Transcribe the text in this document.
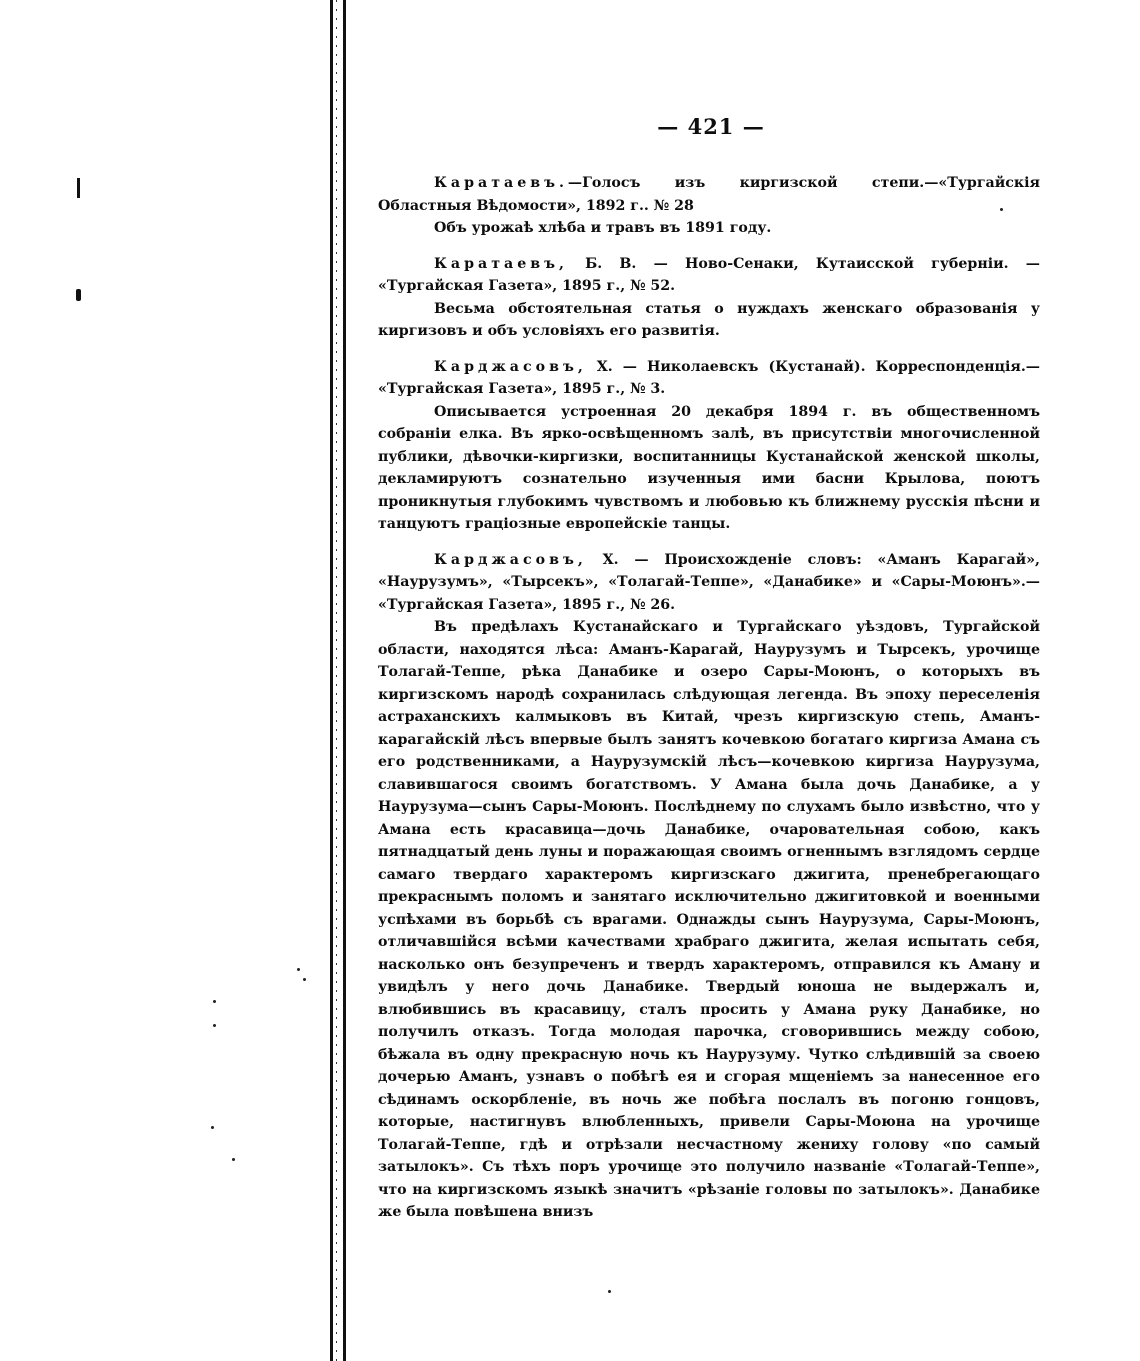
— 421 —

Каратаевъ.—Голосъ изъ киргизской степи.—«Тургайскія Областныя Вѣдомости», 1892 г.. № 28

Объ урожаѣ хлѣба и травъ въ 1891 году.

Каратаевъ, Б. В. — Ново-Сенаки, Кутаисской губерніи. — «Тургайская Газета», 1895 г., № 52.

Весьма обстоятельная статья о нуждахъ женскаго образованія у киргизовъ и объ условіяхъ его развитія.

Карджасовъ, X. — Николаевскъ (Кустанай). Корреспонденція.— «Тургайская Газета», 1895 г., № 3.

Описывается устроенная 20 декабря 1894 г. въ общественномъ собраніи елка. Въ ярко-освѣщенномъ залѣ, въ присутствіи многочисленной публики, дѣвочки-киргизки, воспитанницы Кустанайской женской школы, декламируютъ сознательно изученныя ими басни Крылова, поютъ проникнутыя глубокимъ чувствомъ и любовью къ ближнему русскія пѣсни и танцуютъ граціозные европейскіе танцы.

Карджасовъ, X. — Происхожденіе словъ: «Аманъ Карагай», «Наурузумъ», «Тырсекъ», «Толагай-Теппе», «Данабике» и «Сары-Моюнъ».— «Тургайская Газета», 1895 г., № 26.

Въ предѣлахъ Кустанайскаго и Тургайскаго уѣздовъ, Тургайской области, находятся лѣса: Аманъ-Карагай, Наурузумъ и Тырсекъ, урочище Толагай-Теппе, рѣка Данабике и озеро Сары-Моюнъ, о которыхъ въ киргизскомъ народѣ сохранилась слѣдующая легенда. Въ эпоху переселенія астраханскихъ калмыковъ въ Китай, чрезъ киргизскую степь, Аманъ-карагайскій лѣсъ впервые былъ занятъ кочевкою богатаго киргиза Амана съ его родственниками, а Наурузумскій лѣсъ—кочевкою киргиза Наурузума, славившагося своимъ богатствомъ. У Амана была дочь Данабике, а у Наурузума—сынъ Сары-Моюнъ. Послѣднему по слухамъ было извѣстно, что у Амана есть красавица—дочь Данабике, очаровательная собою, какъ пятнадцатый день луны и поражающая своимъ огненнымъ взглядомъ сердце самаго твердаго характеромъ киргизскаго джигита, пренебрегающаго прекраснымъ поломъ и занятаго исключительно джигитовкой и военными успѣхами въ борьбѣ съ врагами. Однажды сынъ Наурузума, Сары-Моюнъ, отличавшійся всѣми качествами храбраго джигита, желая испытать себя, насколько онъ безупреченъ и твердъ характеромъ, отправился къ Аману и увидѣлъ у него дочь Данабике. Твердый юноша не выдержалъ и, влюбившись въ красавицу, сталъ просить у Амана руку Данабике, но получилъ отказъ. Тогда молодая парочка, сговорившись между собою, бѣжала въ одну прекрасную ночь къ Наурузуму. Чутко слѣдившій за своею дочерью Аманъ, узнавъ о побѣгѣ ея и сгорая мщеніемъ за нанесенное его сѣдинамъ оскорбленіе, въ ночь же побѣга послалъ въ погоню гонцовъ, которые, настигнувъ влюбленныхъ, привели Сары-Моюна на урочище Толагай-Теппе, гдѣ и отрѣзали несчастному жениху голову «по самый затылокъ». Съ тѣхъ поръ урочище это получило названіе «Толагай-Теппе», что на киргизскомъ языкѣ значитъ «рѣзаніе головы по затылокъ». Данабике же была повѣшена внизъ
